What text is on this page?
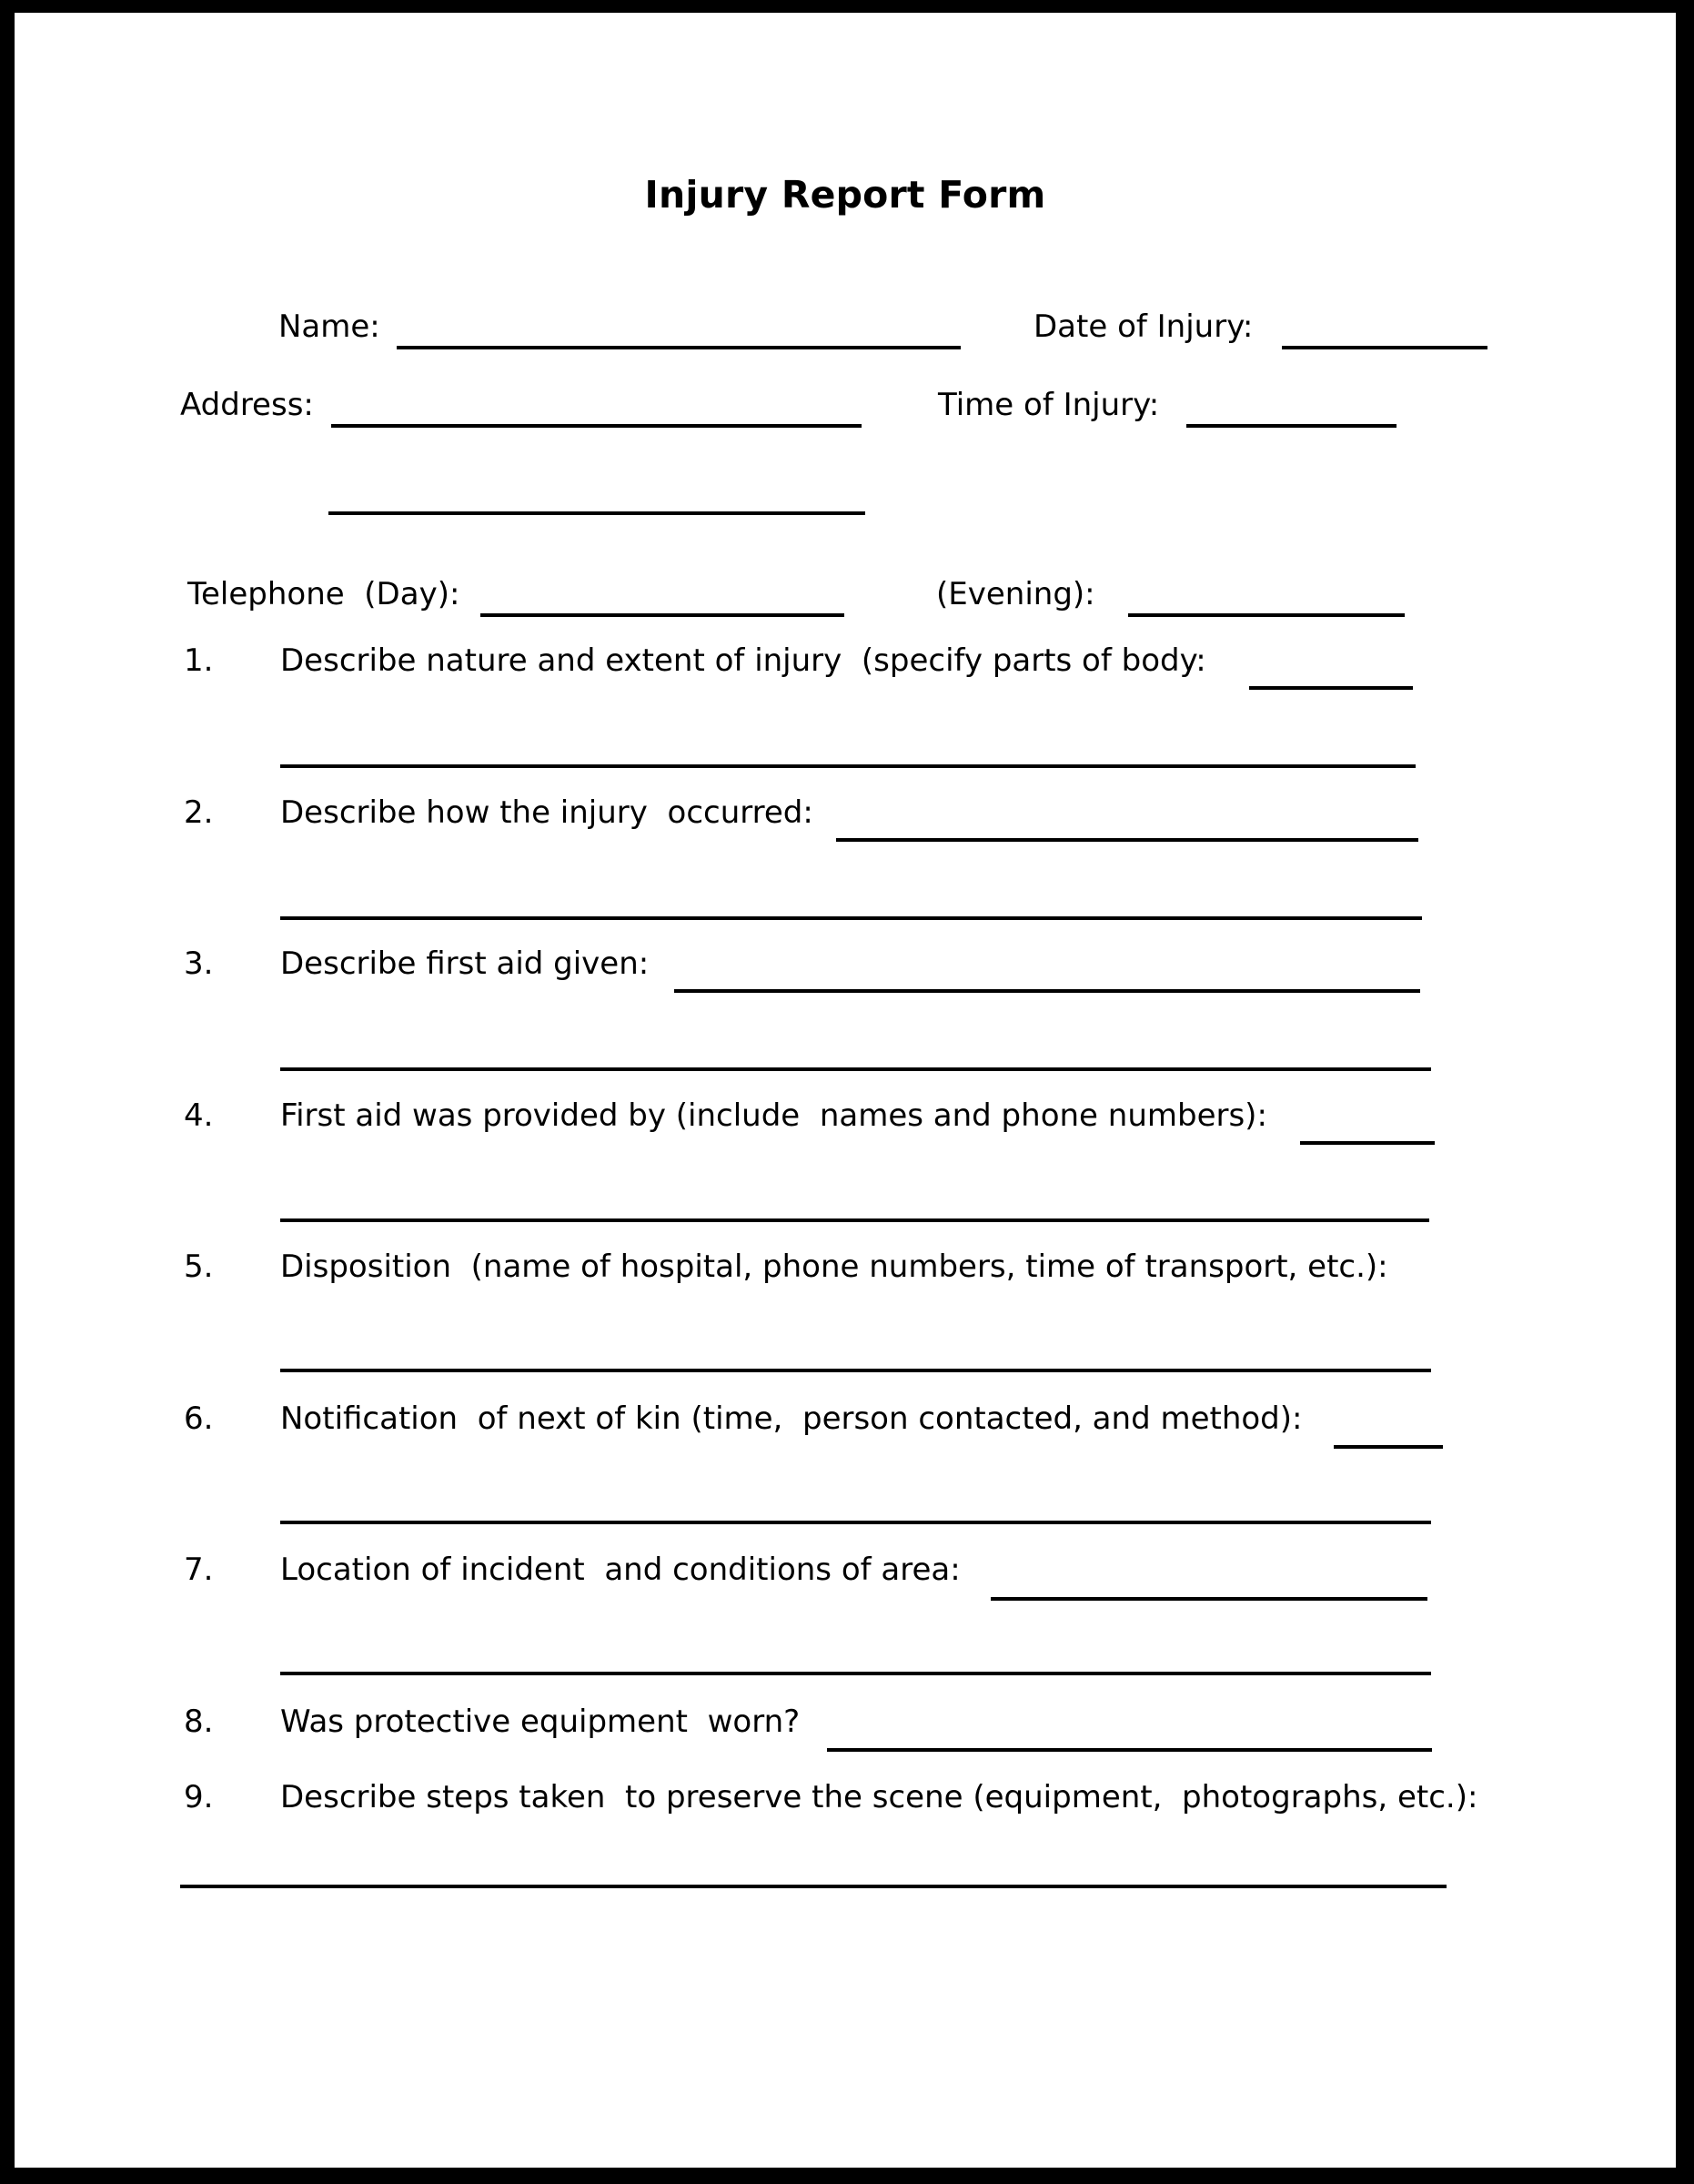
Injury Report Form
Name:	Date of Injury:
Address:	Time of Injury:
Telephone  (Day):	(Evening):
1. Describe nature and extent of injury  (specify parts of body:
2. Describe how the injury  occurred:
3. Describe first aid given:
4. First aid was provided by (include  names and phone numbers):
5. Disposition  (name of hospital, phone numbers, time of transport, etc.):
6. Notification  of next of kin (time,  person contacted, and method):
7. Location of incident  and conditions of area:
8. Was protective equipment  worn?
9. Describe steps taken  to preserve the scene (equipment,  photographs, etc.):
